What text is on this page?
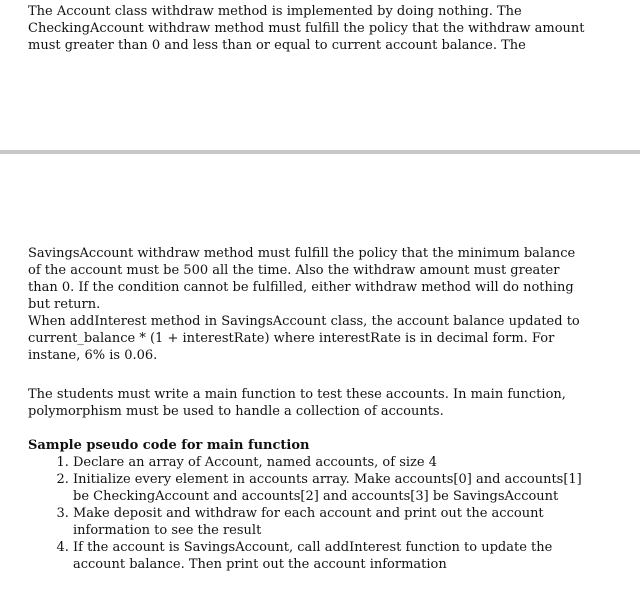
The Account class withdraw method is implemented by doing nothing. The CheckingAccount withdraw method must fulfill the policy that the withdraw amount must greater than 0 and less than or equal to current account balance. The

SavingsAccount withdraw method must fulfill the policy that the minimum balance of the account must be 500 all the time. Also the withdraw amount must greater than 0. If the condition cannot be fulfilled, either withdraw method will do nothing but return.

When addInterest method in SavingsAccount class, the account balance updated to current_balance * (1 + interestRate) where interestRate is in decimal form. For instane, 6% is 0.06.

The students must write a main function to test these accounts. In main function, polymorphism must be used to handle a collection of accounts.

Sample pseudo code for main function

1. Declare an array of Account, named accounts, of size 4
2. Initialize every element in accounts array. Make accounts[0] and accounts[1] be CheckingAccount and accounts[2] and accounts[3] be SavingsAccount
3. Make deposit and withdraw for each account and print out the account information to see the result
4. If the account is SavingsAccount, call addInterest function to update the account balance. Then print out the account information
